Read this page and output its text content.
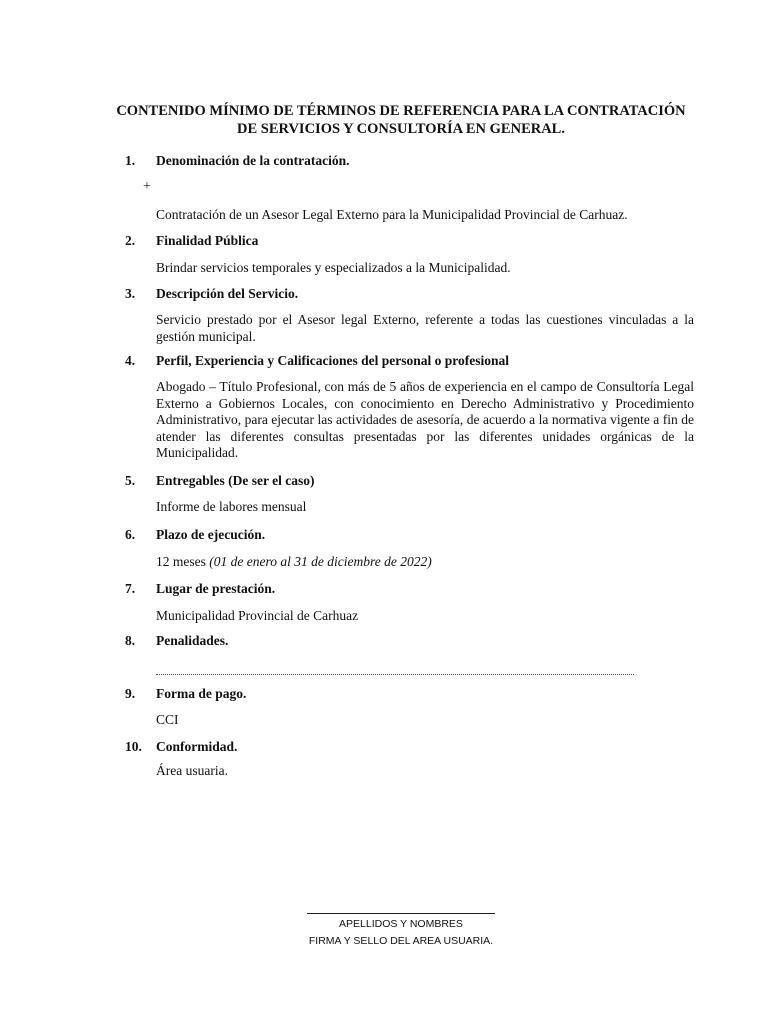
CONTENIDO MÍNIMO DE TÉRMINOS DE REFERENCIA PARA LA CONTRATACIÓN
DE SERVICIOS Y CONSULTORÍA EN GENERAL.
1. Denominación de la contratación.
+
Contratación de un Asesor Legal Externo para la Municipalidad Provincial de Carhuaz.
2. Finalidad Pública
Brindar servicios temporales y especializados a la Municipalidad.
3. Descripción del Servicio.
Servicio prestado por el Asesor legal Externo, referente a todas las cuestiones vinculadas a la gestión municipal.
4. Perfil, Experiencia y Calificaciones del personal o profesional
Abogado – Título Profesional, con más de 5 años de experiencia en el campo de Consultoría Legal Externo a Gobiernos Locales, con conocimiento en Derecho Administrativo y Procedimiento Administrativo, para ejecutar las actividades de asesoría, de acuerdo a la normativa vigente a fin de atender las diferentes consultas presentadas por las diferentes unidades orgánicas de la Municipalidad.
5. Entregables (De ser el caso)
Informe de labores mensual
6. Plazo de ejecución.
12 meses (01 de enero al 31 de diciembre de 2022)
7. Lugar de prestación.
Municipalidad Provincial de Carhuaz
8. Penalidades.
9. Forma de pago.
CCI
10. Conformidad.
Área usuaria.
APELLIDOS Y NOMBRES
FIRMA Y SELLO DEL AREA USUARIA.
